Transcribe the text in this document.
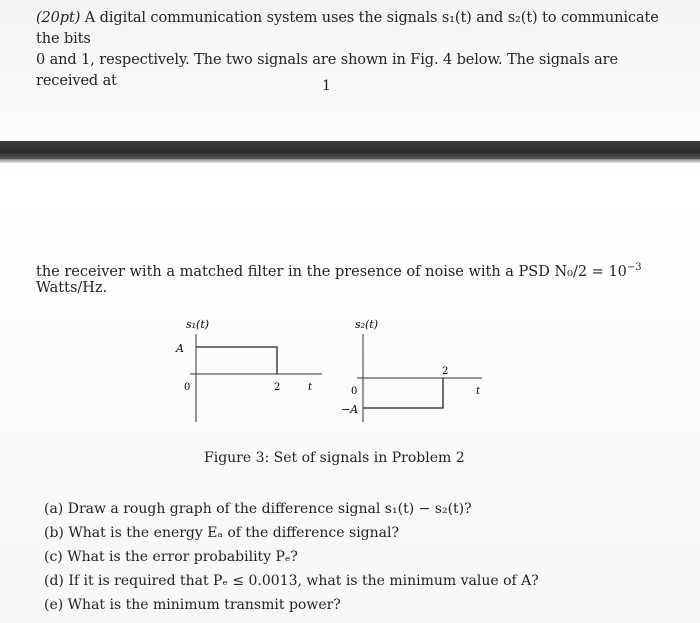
(20pt) A digital communication system uses the signals s₁(t) and s₂(t) to communicate the bits
0 and 1, respectively. The two signals are shown in Fig. 4 below. The signals are received at	1

the receiver with a matched filter in the presence of noise with a PSD $N_0/2 = 10^{-3}$ Watts/Hz.

s₁(t)
A
0	2	t
s₂(t)
2
0
−A
t
Figure 3: Set of signals in Problem 2
(a) Draw a rough graph of the difference signal s₁(t) − s₂(t)?
(b) What is the energy Eₐ of the difference signal?
(c) What is the error probability Pₑ?
(d) If it is required that Pₑ ≤ 0.0013, what is the minimum value of A?
(e) What is the minimum transmit power?
